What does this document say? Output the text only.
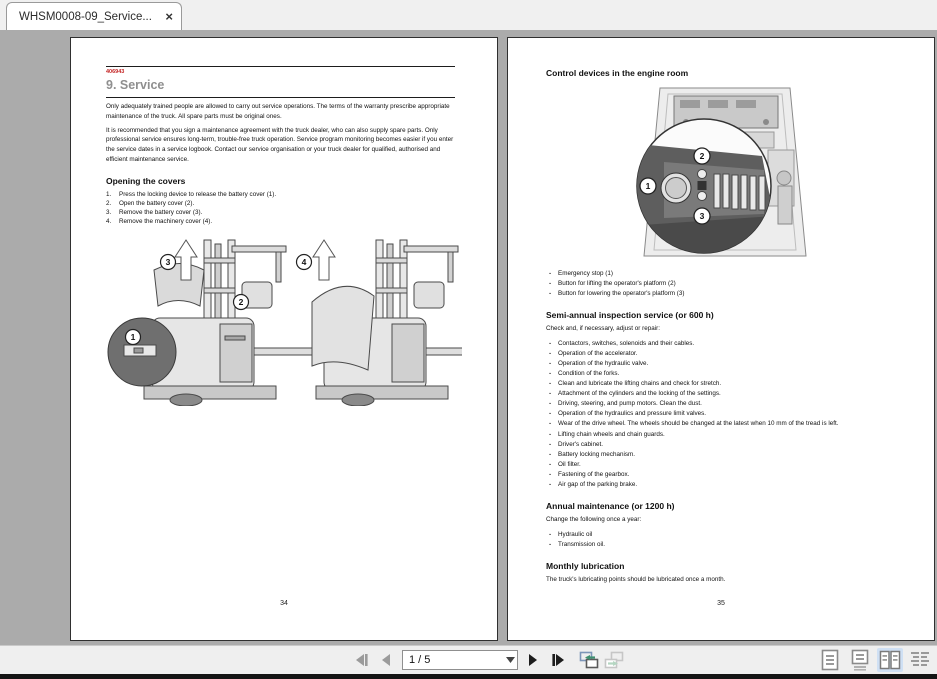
WHSM0008-09_Service...	×
406943
9. Service

Only adequately trained people are allowed to carry out service operations. The terms of the warranty prescribe appropriate maintenance of the truck. All spare parts must be original ones.

It is recommended that you sign a maintenance agreement with the truck dealer, who can also supply spare parts. Only professional service ensures long-term, trouble-free truck operation. Service program monitoring becomes easier if you enter the service dates in a service logbook. Contact our service organisation or your truck dealer for qualified, authorised and efficient maintenance service.

Opening the covers
1.	Press the locking device to release the battery cover (1).
2.	Open the battery cover (2).
3.	Remove the battery cover (3).
4.	Remove the machinery cover (4).
1
2
3	4
34
Control devices in the engine room
2
1
3
· Emergency stop (1)
· Button for lifting the operator's platform (2)
· Button for lowering the operator's platform (3)
Semi-annual inspection service (or 600 h)

Check and, if necessary, adjust or repair:

· Contactors, switches, solenoids and their cables.
· Operation of the accelerator.
· Operation of the hydraulic valve.
· Condition of the forks.
· Clean and lubricate the lifting chains and check for stretch.
· Attachment of the cylinders and the locking of the settings.
· Driving, steering, and pump motors. Clean the dust.
· Operation of the hydraulics and pressure limit valves.
· Wear of the drive wheel. The wheels should be changed at the latest when 10 mm of the tread is left.
· Lifting chain wheels and chain guards.
· Driver's cabinet.
· Battery locking mechanism.
· Oil filter.
· Fastening of the gearbox.
· Air gap of the parking brake.
Annual maintenance (or 1200 h)

Change the following once a year:

· Hydraulic oil
· Transmission oil.
Monthly lubrication

The truck's lubricating points should be lubricated once a month.

35
1 / 5
